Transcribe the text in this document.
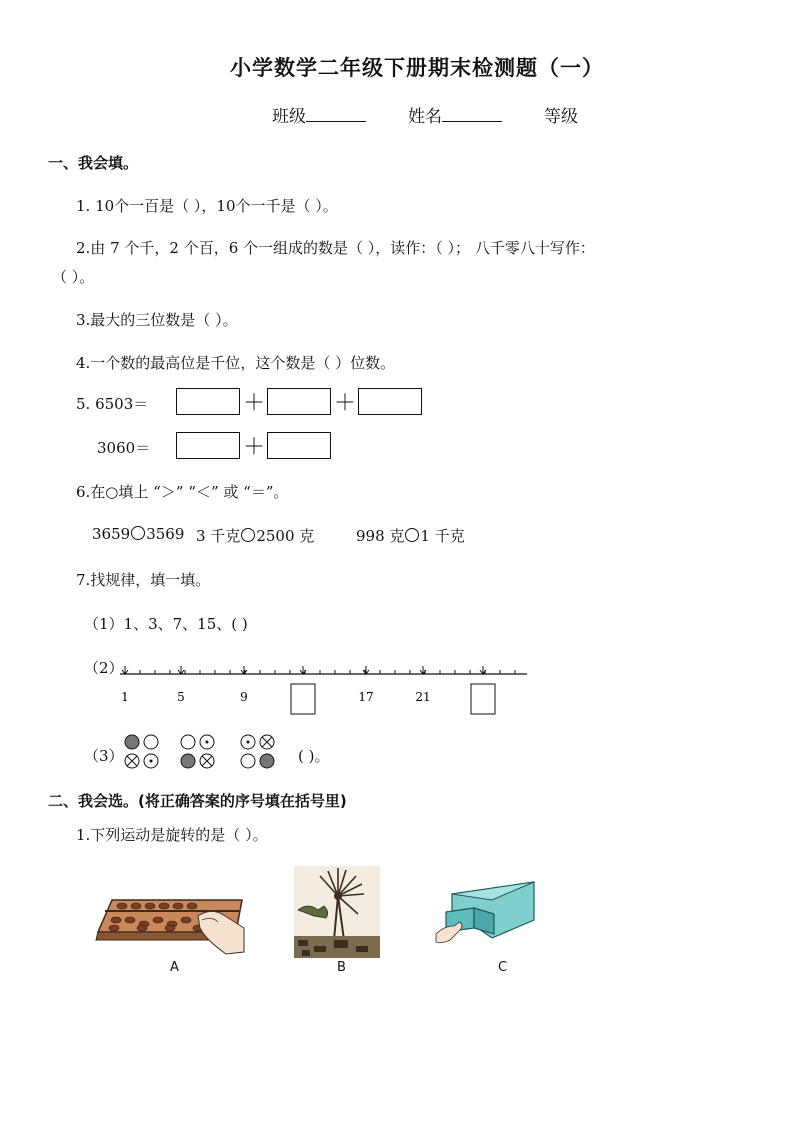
小学数学二年级下册期末检测题（一）
班级	姓名	等级
一、我会填。
1. 10个一百是（ ），10个一千是（ ）。
2.由 7 个千，2 个百，6 个一组成的数是（ ），读作：（ ）； 八千零八十写作：
（ ）。
3.最大的三位数是（ ）。
4.一个数的最高位是千位，这个数是（ ）位数。
5. 6503＝	＋	＋
3060＝	＋
6.在○填上 “＞” “＜” 或 “＝”。
3659 3569 3 千克 2500 克	998 克 1 千克
7.找规律，填一填。
（1）1、3、7、15、( )
（2）
1	5	9	17	21
（3）	( )。
二、我会选。(将正确答案的序号填在括号里)
1.下列运动是旋转的是（ ）。
A	B	C
